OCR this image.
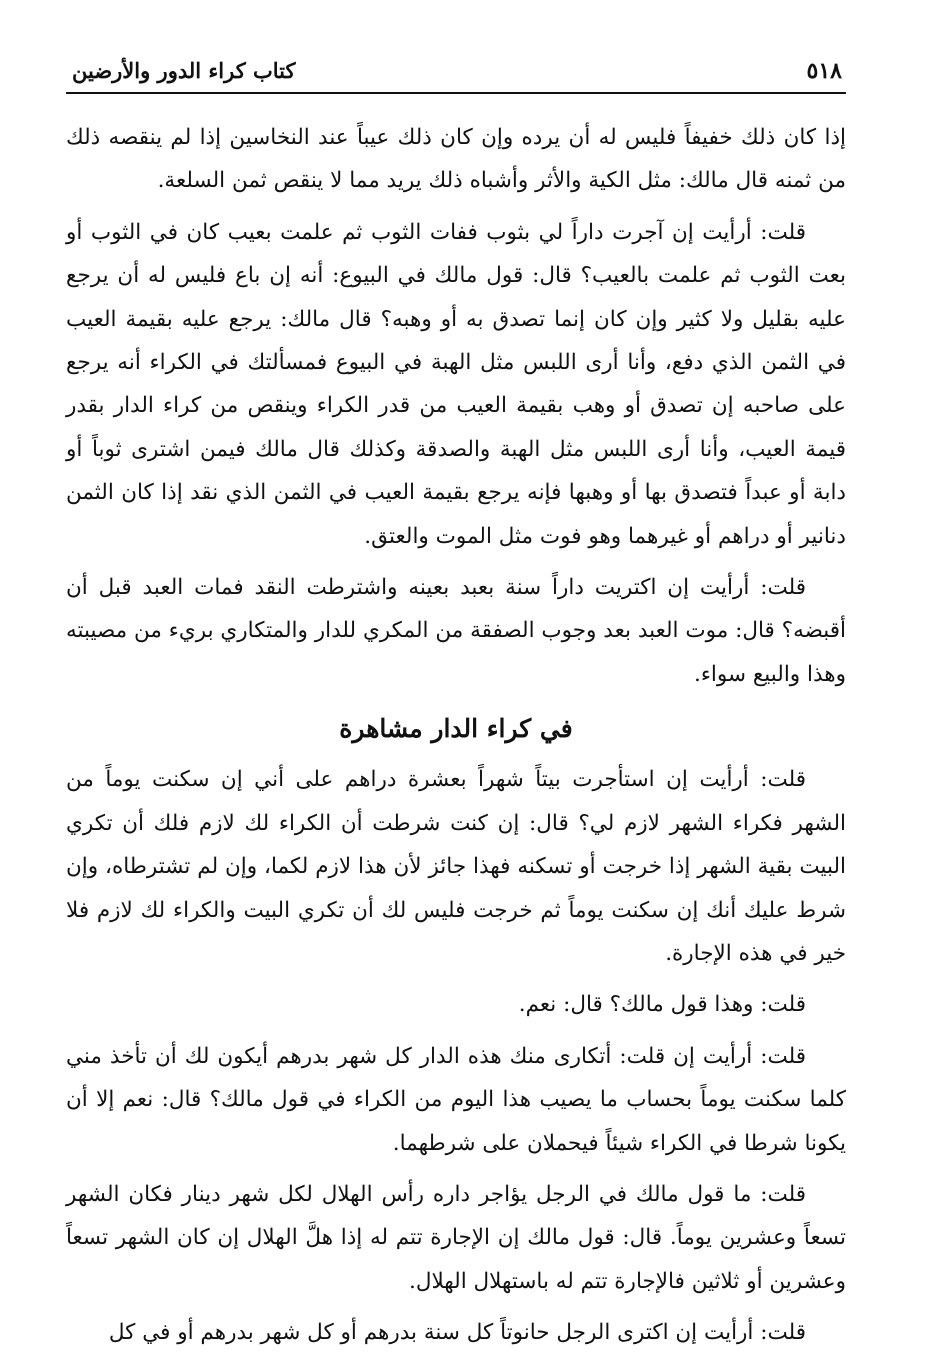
٥١٨
كتاب كراء الدور والأرضين

إذا كان ذلك خفيفاً فليس له أن يرده وإن كان ذلك عيباً عند النخاسين إذا لم ينقصه ذلك من ثمنه قال مالك: مثل الكية والأثر وأشباه ذلك يريد مما لا ينقص ثمن السلعة.

قلت: أرأيت إن آجرت داراً لي بثوب ففات الثوب ثم علمت بعيب كان في الثوب أو بعت الثوب ثم علمت بالعيب؟ قال: قول مالك في البيوع: أنه إن باع فليس له أن يرجع عليه بقليل ولا كثير وإن كان إنما تصدق به أو وهبه؟ قال مالك: يرجع عليه بقيمة العيب في الثمن الذي دفع، وأنا أرى اللبس مثل الهبة في البيوع فمسألتك في الكراء أنه يرجع على صاحبه إن تصدق أو وهب بقيمة العيب من قدر الكراء وينقص من كراء الدار بقدر قيمة العيب، وأنا أرى اللبس مثل الهبة والصدقة وكذلك قال مالك فيمن اشترى ثوباً أو دابة أو عبداً فتصدق بها أو وهبها فإنه يرجع بقيمة العيب في الثمن الذي نقد إذا كان الثمن دنانير أو دراهم أو غيرهما وهو فوت مثل الموت والعتق.

قلت: أرأيت إن اكتريت داراً سنة بعبد بعينه واشترطت النقد فمات العبد قبل أن أقبضه؟ قال: موت العبد بعد وجوب الصفقة من المكري للدار والمتكاري بريء من مصيبته وهذا والبيع سواء.

في كراء الدار مشاهرة

قلت: أرأيت إن استأجرت بيتاً شهراً بعشرة دراهم على أني إن سكنت يوماً من الشهر فكراء الشهر لازم لي؟ قال: إن كنت شرطت أن الكراء لك لازم فلك أن تكري البيت بقية الشهر إذا خرجت أو تسكنه فهذا جائز لأن هذا لازم لكما، وإن لم تشترطاه، وإن شرط عليك أنك إن سكنت يوماً ثم خرجت فليس لك أن تكري البيت والكراء لك لازم فلا خير في هذه الإجارة.

قلت: وهذا قول مالك؟ قال: نعم.

قلت: أرأيت إن قلت: أتكارى منك هذه الدار كل شهر بدرهم أيكون لك أن تأخذ مني كلما سكنت يوماً بحساب ما يصيب هذا اليوم من الكراء في قول مالك؟ قال: نعم إلا أن يكونا شرطا في الكراء شيئاً فيحملان على شرطهما.

قلت: ما قول مالك في الرجل يؤاجر داره رأس الهلال لكل شهر دينار فكان الشهر تسعاً وعشرين يوماً. قال: قول مالك إن الإجارة تتم له إذا هلَّ الهلال إن كان الشهر تسعاً وعشرين أو ثلاثين فالإجارة تتم له باستهلال الهلال.

قلت: أرأيت إن اكترى الرجل حانوتاً كل سنة بدرهم أو كل شهر بدرهم أو في كل
